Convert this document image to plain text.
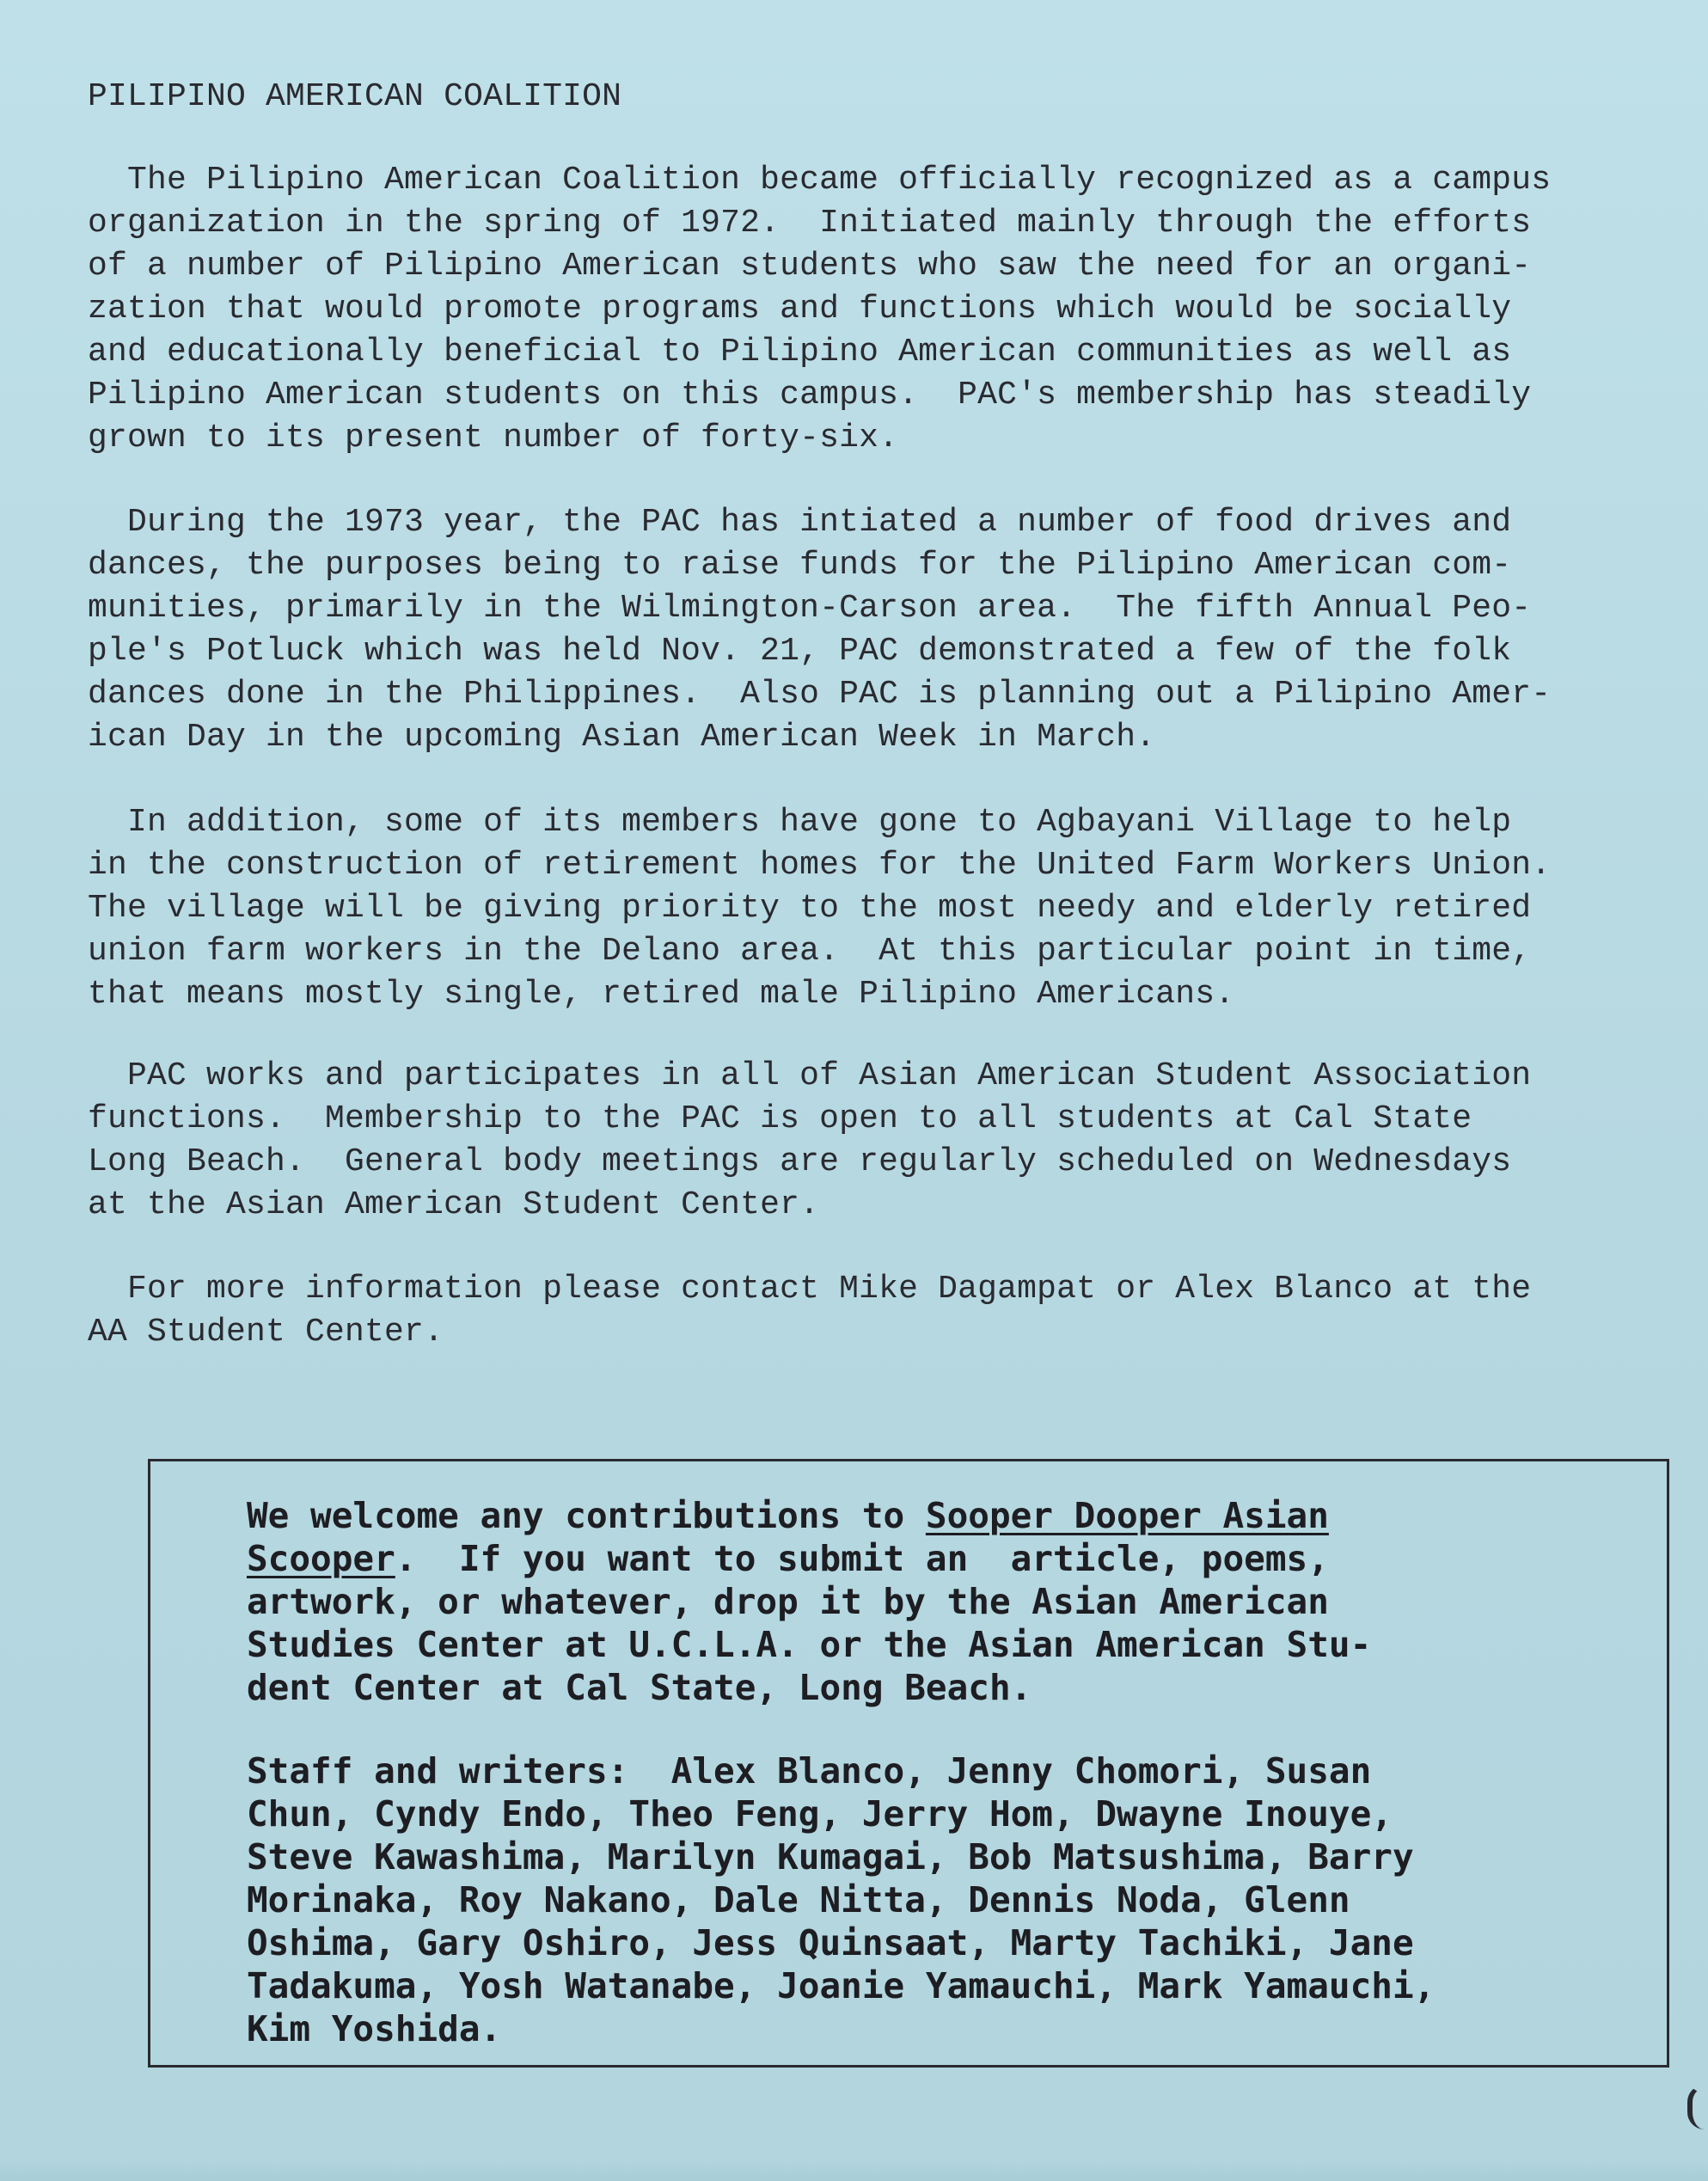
PILIPINO AMERICAN COALITION

The Pilipino American Coalition became officially recognized as a campus
organization in the spring of 1972.  Initiated mainly through the efforts
of a number of Pilipino American students who saw the need for an organi-
zation that would promote programs and functions which would be socially
and educationally beneficial to Pilipino American communities as well as
Pilipino American students on this campus.  PAC's membership has steadily
grown to its present number of forty-six.

During the 1973 year, the PAC has intiated a number of food drives and
dances, the purposes being to raise funds for the Pilipino American com-
munities, primarily in the Wilmington-Carson area.  The fifth Annual Peo-
ple's Potluck which was held Nov. 21, PAC demonstrated a few of the folk
dances done in the Philippines.  Also PAC is planning out a Pilipino Amer-
ican Day in the upcoming Asian American Week in March.

In addition, some of its members have gone to Agbayani Village to help
in the construction of retirement homes for the United Farm Workers Union.
The village will be giving priority to the most needy and elderly retired
union farm workers in the Delano area.  At this particular point in time,
that means mostly single, retired male Pilipino Americans.

PAC works and participates in all of Asian American Student Association
functions.  Membership to the PAC is open to all students at Cal State
Long Beach.  General body meetings are regularly scheduled on Wednesdays
at the Asian American Student Center.

For more information please contact Mike Dagampat or Alex Blanco at the
AA Student Center.

We welcome any contributions to Sooper Dooper Asian
Scooper.  If you want to submit an  article, poems,
artwork, or whatever, drop it by the Asian American
Studies Center at U.C.L.A. or the Asian American Stu-
dent Center at Cal State, Long Beach.

Staff and writers:  Alex Blanco, Jenny Chomori, Susan
Chun, Cyndy Endo, Theo Feng, Jerry Hom, Dwayne Inouye,
Steve Kawashima, Marilyn Kumagai, Bob Matsushima, Barry
Morinaka, Roy Nakano, Dale Nitta, Dennis Noda, Glenn
Oshima, Gary Oshiro, Jess Quinsaat, Marty Tachiki, Jane
Tadakuma, Yosh Watanabe, Joanie Yamauchi, Mark Yamauchi,
Kim Yoshida.
